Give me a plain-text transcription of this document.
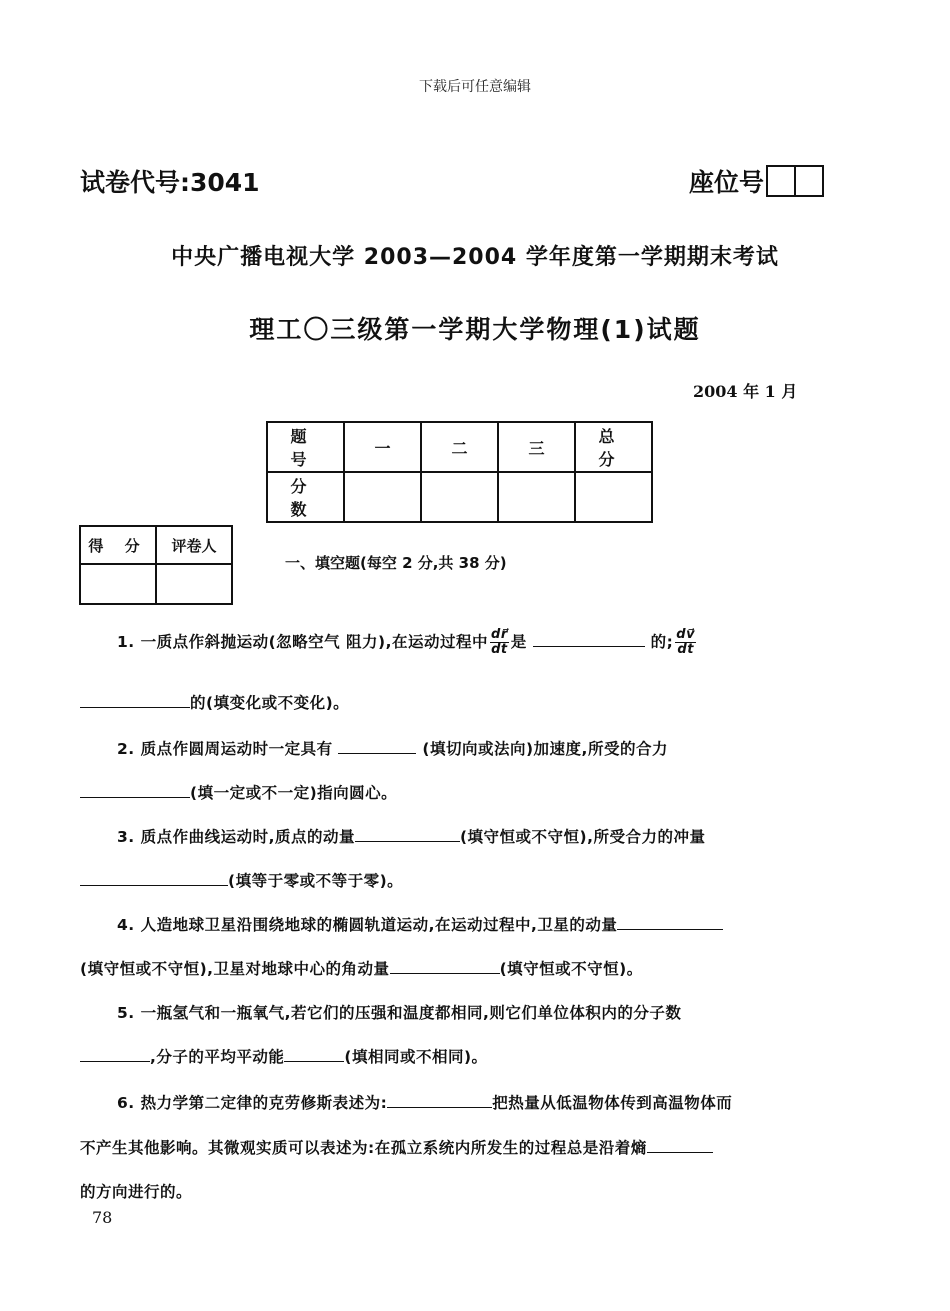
下载后可任意编辑
试卷代号:3041	座位号
中央广播电视大学 2003—2004 学年度第一学期期末考试
理工〇三级第一学期大学物理(1)试题
2004 年 1 月
题 号	一	二	三	总 分
分 数				
得 分	评卷人

一、填空题(每空 2 分,共 38 分)
1. 一质点作斜抛运动(忽略空气 阻力),在运动过程中 $\frac{dr⃗}{dt}$ 是	的; $\frac{dv⃗}{dt}$
的(填变化或不变化)。
2. 质点作圆周运动时一定具有	(填切向或法向)加速度,所受的合力
(填一定或不一定)指向圆心。
3. 质点作曲线运动时,质点的动量	(填守恒或不守恒),所受合力的冲量
(填等于零或不等于零)。
4. 人造地球卫星沿围绕地球的椭圆轨道运动,在运动过程中,卫星的动量
(填守恒或不守恒),卫星对地球中心的角动量	(填守恒或不守恒)。
5. 一瓶氢气和一瓶氧气,若它们的压强和温度都相同,则它们单位体积内的分子数
,分子的平均平动能	(填相同或不相同)。
6. 热力学第二定律的克劳修斯表述为:	把热量从低温物体传到高温物体而
不产生其他影响。其微观实质可以表述为:在孤立系统内所发生的过程总是沿着熵
的方向进行的。
78
